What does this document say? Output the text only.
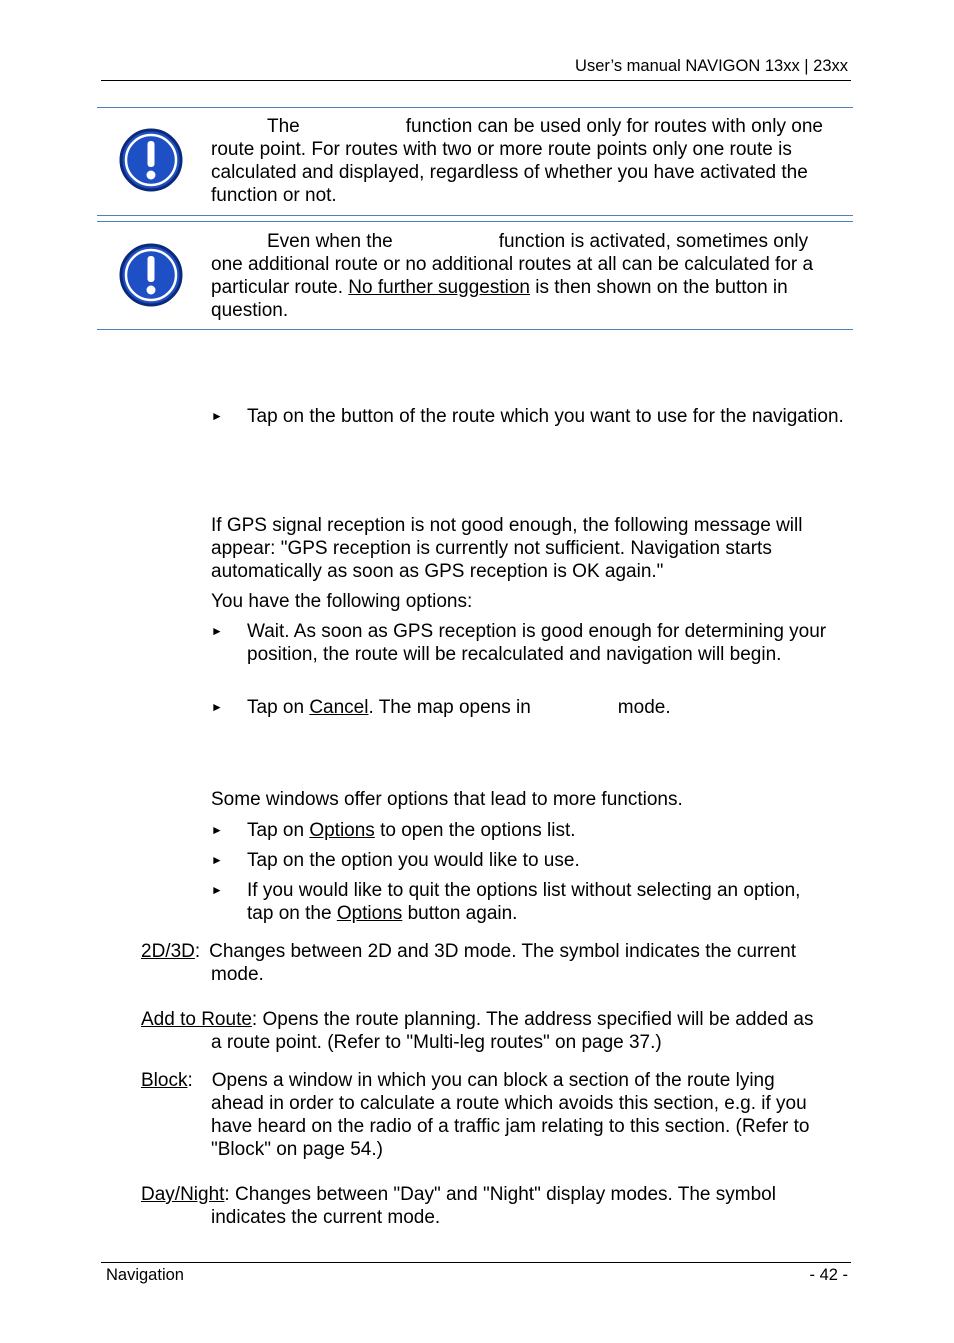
User’s manual NAVIGON 13xx | 23xx

The	function can be used only for routes with only one

route point. For routes with two or more route points only one route is calculated and displayed, regardless of whether you have activated the function or not.

Even when the	function is activated, sometimes only

one additional route or no additional routes at all can be calculated for a particular route. No further suggestion is then shown on the button in question.

► Tap on the button of the route which you want to use for the navigation.

If GPS signal reception is not good enough, the following message will appear: "GPS reception is currently not sufficient. Navigation starts automatically as soon as GPS reception is OK again."

You have the following options:

► Wait. As soon as GPS reception is good enough for determining your position, the route will be recalculated and navigation will begin.
► Tap on Cancel. The map opens in	mode.

Some windows offer options that lead to more functions.

► Tap on Options to open the options list.
► Tap on the option you would like to use.
► If you would like to quit the options list without selecting an option,
tap on the Options button again.
2D/3D: Changes between 2D and 3D mode. The symbol indicates the current
mode.
Add to Route: Opens the route planning. The address specified will be added as
a route point. (Refer to "Multi-leg routes" on page 37.)
Block: Opens a window in which you can block a section of the route lying
ahead in order to calculate a route which avoids this section, e.g. if you have heard on the radio of a traffic jam relating to this section. (Refer to "Block" on page 54.)
Day/Night: Changes between "Day" and "Night" display modes. The symbol
indicates the current mode.
Navigation	- 42 -
